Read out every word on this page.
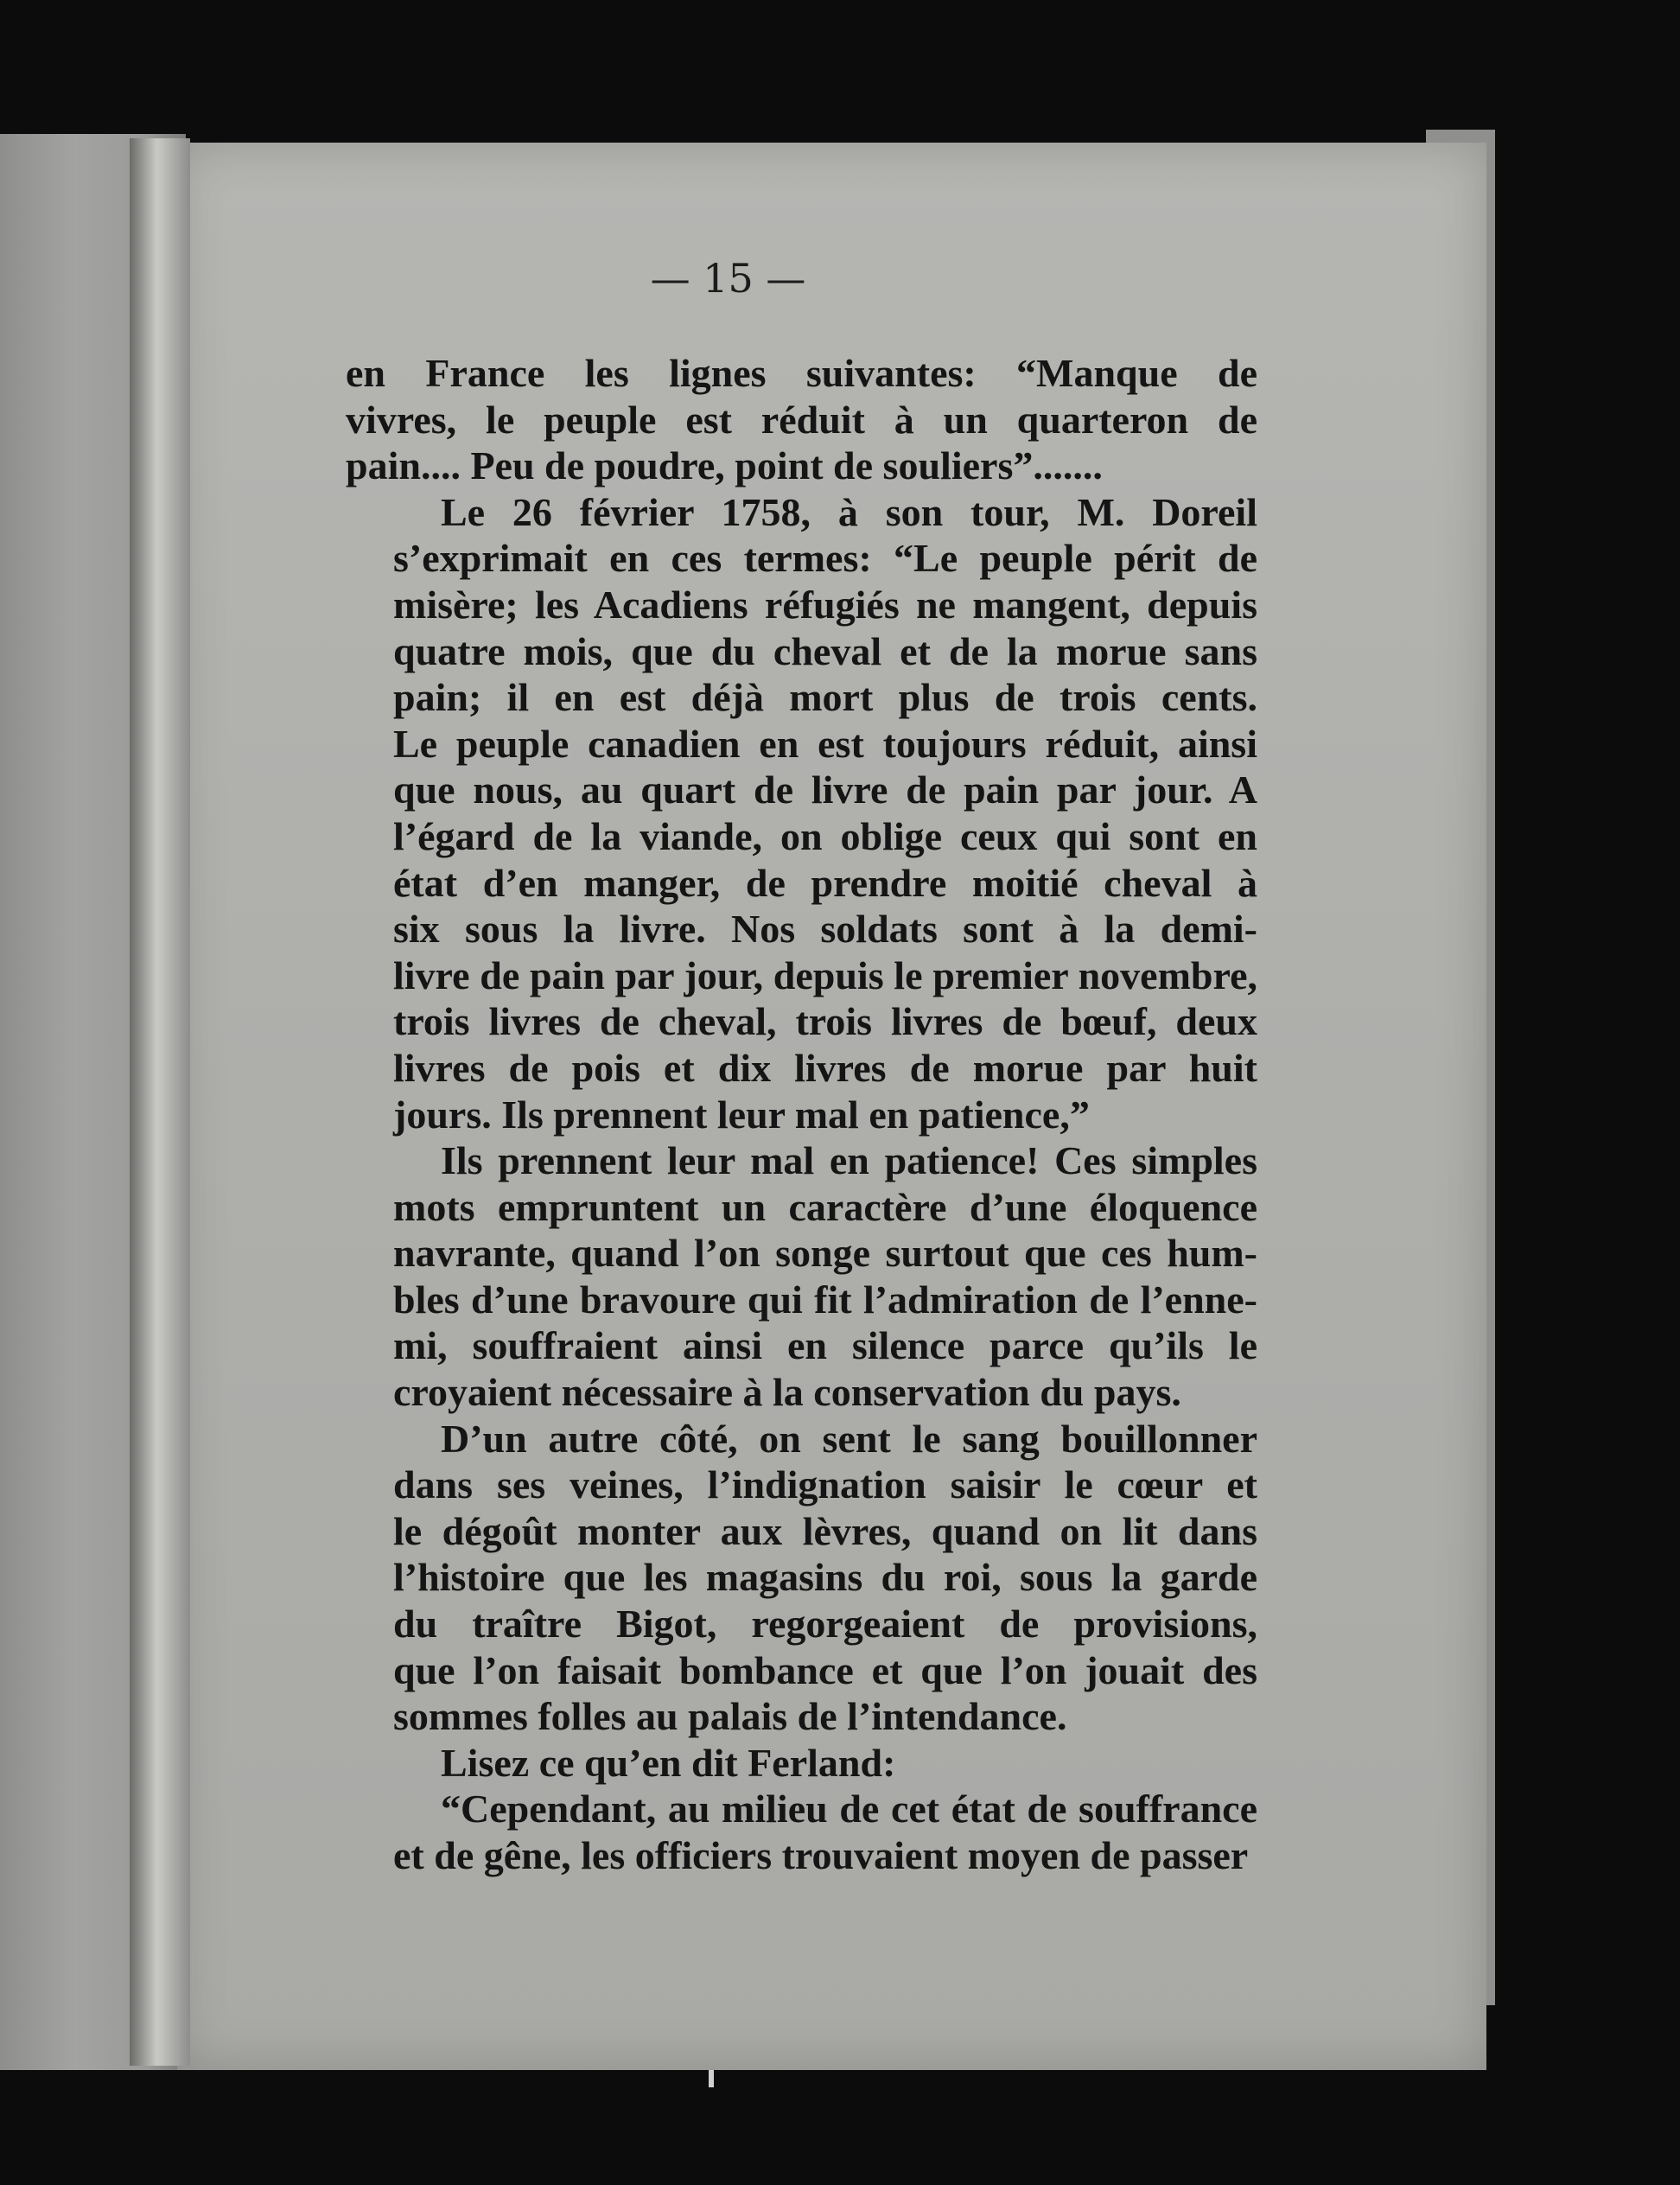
— 15 —

en France les lignes suivantes: “Manque de
vivres, le peuple est réduit à un quarteron de
pain.... Peu de poudre, point de souliers”.......

Le 26 février 1758, à son tour, M. Doreil
s’exprimait en ces termes: “Le peuple périt de
misère; les Acadiens réfugiés ne mangent, depuis
quatre mois, que du cheval et de la morue sans
pain; il en est déjà mort plus de trois cents.
Le peuple canadien en est toujours réduit, ainsi
que nous, au quart de livre de pain par jour. A
l’égard de la viande, on oblige ceux qui sont en
état d’en manger, de prendre moitié cheval à
six sous la livre. Nos soldats sont à la demi-
livre de pain par jour, depuis le premier novembre,
trois livres de cheval, trois livres de bœuf, deux
livres de pois et dix livres de morue par huit
jours. Ils prennent leur mal en patience,”

Ils prennent leur mal en patience! Ces simples
mots empruntent un caractère d’une éloquence
navrante, quand l’on songe surtout que ces hum-
bles d’une bravoure qui fit l’admiration de l’enne-
mi, souffraient ainsi en silence parce qu’ils le
croyaient nécessaire à la conservation du pays.

D’un autre côté, on sent le sang bouillonner
dans ses veines, l’indignation saisir le cœur et
le dégoût monter aux lèvres, quand on lit dans
l’histoire que les magasins du roi, sous la garde
du traître Bigot, regorgeaient de provisions,
que l’on faisait bombance et que l’on jouait des
sommes folles au palais de l’intendance.

Lisez ce qu’en dit Ferland:

“Cependant, au milieu de cet état de souffrance
et de gêne, les officiers trouvaient moyen de passer
